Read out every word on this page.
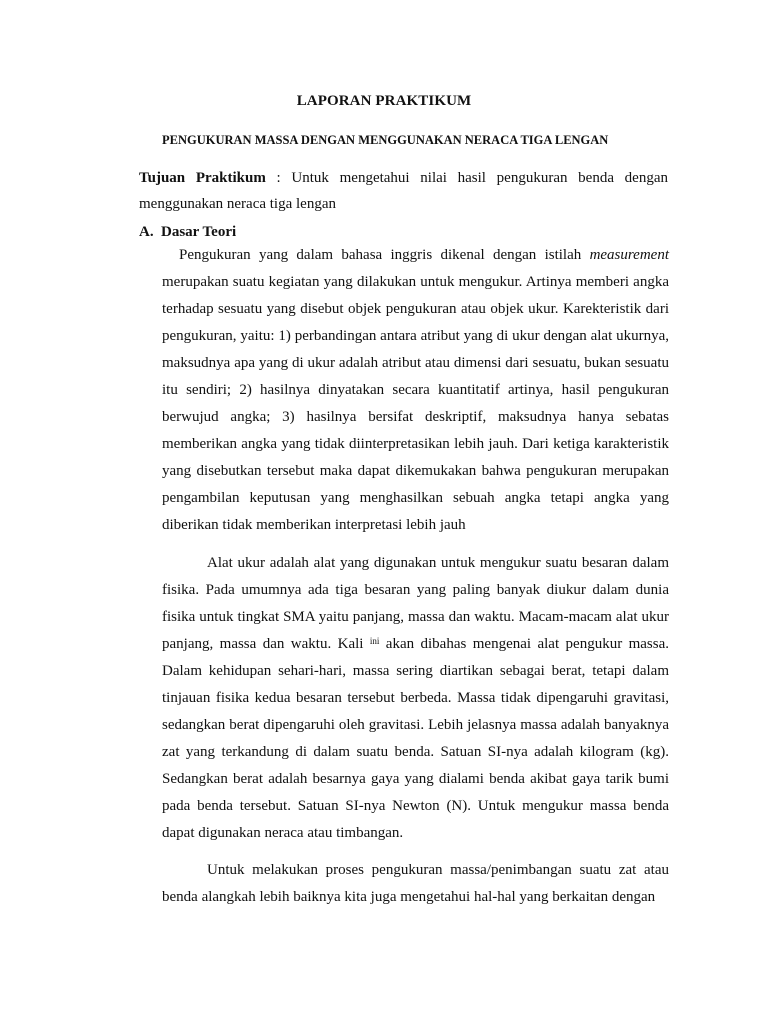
LAPORAN PRAKTIKUM
PENGUKURAN MASSA DENGAN MENGGUNAKAN NERACA TIGA LENGAN

Tujuan Praktikum : Untuk mengetahui nilai hasil pengukuran benda dengan menggunakan neraca tiga lengan

A. Dasar Teori

Pengukuran yang dalam bahasa inggris dikenal dengan istilah measurement merupakan suatu kegiatan yang dilakukan untuk mengukur. Artinya memberi angka terhadap sesuatu yang disebut objek pengukuran atau objek ukur. Karekteristik dari pengukuran, yaitu: 1) perbandingan antara atribut yang di ukur dengan alat ukurnya, maksudnya apa yang di ukur adalah atribut atau dimensi dari sesuatu, bukan sesuatu itu sendiri; 2) hasilnya dinyatakan secara kuantitatif artinya, hasil pengukuran berwujud angka; 3) hasilnya bersifat deskriptif, maksudnya hanya sebatas memberikan angka yang tidak diinterpretasikan lebih jauh. Dari ketiga karakteristik yang disebutkan tersebut maka dapat dikemukakan bahwa pengukuran merupakan pengambilan keputusan yang menghasilkan sebuah angka tetapi angka yang diberikan tidak memberikan interpretasi lebih jauh

Alat ukur adalah alat yang digunakan untuk mengukur suatu besaran dalam fisika. Pada umumnya ada tiga besaran yang paling banyak diukur dalam dunia fisika untuk tingkat SMA yaitu panjang, massa dan waktu. Macam-macam alat ukur panjang, massa dan waktu. Kali $^{ini}$ akan dibahas mengenai alat pengukur massa. Dalam kehidupan sehari-hari, massa sering diartikan sebagai berat, tetapi dalam tinjauan fisika kedua besaran tersebut berbeda. Massa tidak dipengaruhi gravitasi, sedangkan berat dipengaruhi oleh gravitasi. Lebih jelasnya massa adalah banyaknya zat yang terkandung di dalam suatu benda. Satuan SI-nya adalah kilogram (kg). Sedangkan berat adalah besarnya gaya yang dialami benda akibat gaya tarik bumi pada benda tersebut. Satuan SI-nya Newton (N). Untuk mengukur massa benda dapat digunakan neraca atau timbangan.

Untuk melakukan proses pengukuran massa/penimbangan suatu zat atau benda alangkah lebih baiknya kita juga mengetahui hal-hal yang berkaitan dengan
